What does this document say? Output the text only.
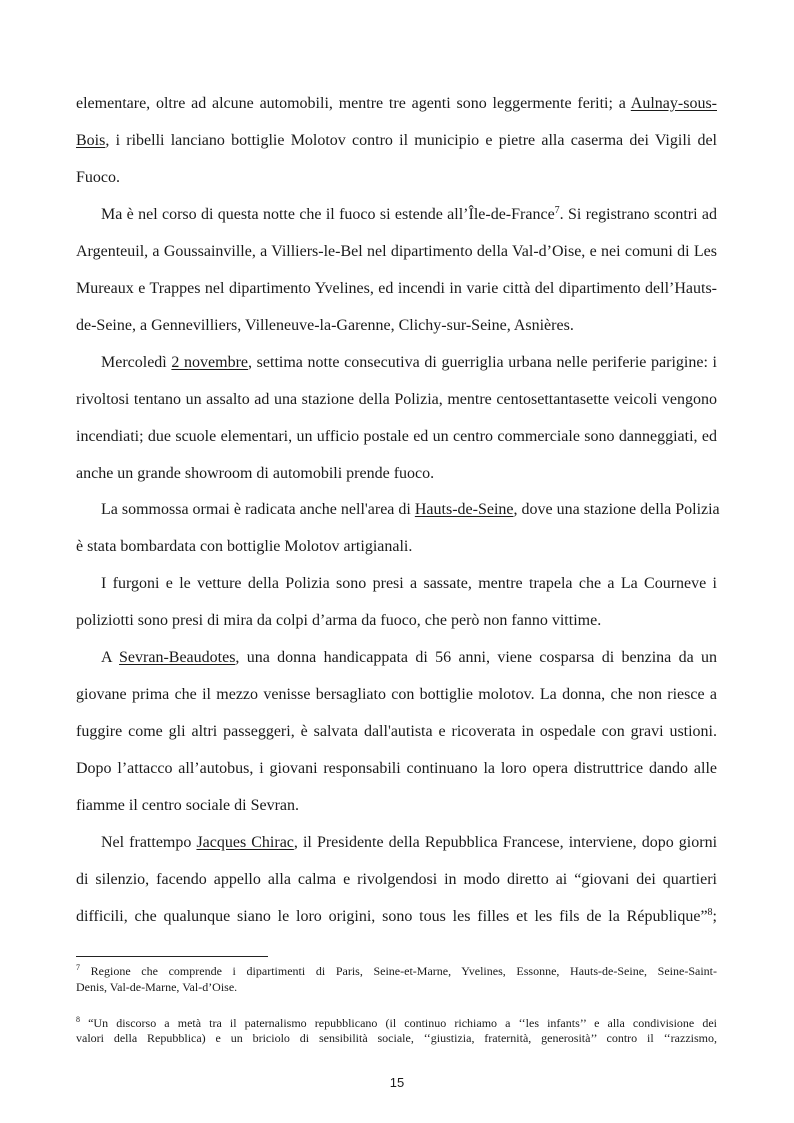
elementare, oltre ad alcune automobili, mentre tre agenti sono leggermente feriti; a Aulnay-sous-
Bois, i ribelli lanciano bottiglie Molotov contro il municipio e pietre alla caserma dei Vigili del
Fuoco.
Ma è nel corso di questa notte che il fuoco si estende all’Île-de-France$^7$. Si registrano scontri ad
Argenteuil, a Goussainville, a Villiers-le-Bel nel dipartimento della Val-d’Oise, e nei comuni di Les
Mureaux e Trappes nel dipartimento Yvelines, ed incendi in varie città del dipartimento dell’Hauts-
de-Seine, a Gennevilliers, Villeneuve-la-Garenne, Clichy-sur-Seine, Asnières.
Mercoledì 2 novembre, settima notte consecutiva di guerriglia urbana nelle periferie parigine: i
rivoltosi tentano un assalto ad una stazione della Polizia, mentre centosettantasette veicoli vengono
incendiati; due scuole elementari, un ufficio postale ed un centro commerciale sono danneggiati, ed
anche un grande showroom di automobili prende fuoco.
La sommossa ormai è radicata anche nell'area di Hauts-de-Seine, dove una stazione della Polizia
è stata bombardata con bottiglie Molotov artigianali.
I furgoni e le vetture della Polizia sono presi a sassate, mentre trapela che a La Courneve i
poliziotti sono presi di mira da colpi d’arma da fuoco, che però non fanno vittime.
A Sevran-Beaudotes, una donna handicappata di 56 anni, viene cosparsa di benzina da un
giovane prima che il mezzo venisse bersagliato con bottiglie molotov. La donna, che non riesce a
fuggire come gli altri passeggeri, è salvata dall'autista e ricoverata in ospedale con gravi ustioni.
Dopo l’attacco all’autobus, i giovani responsabili continuano la loro opera distruttrice dando alle
fiamme il centro sociale di Sevran.
Nel frattempo Jacques Chirac, il Presidente della Repubblica Francese, interviene, dopo giorni
di silenzio, facendo appello alla calma e rivolgendosi in modo diretto ai “giovani dei quartieri
difficili, che qualunque siano le loro origini, sono tous les filles et les fils de la République”$^8$;
$^7$ Regione che comprende i dipartimenti di Paris, Seine-et-Marne, Yvelines, Essonne, Hauts-de-Seine, Seine-Saint-
Denis, Val-de-Marne, Val-d’Oise.
$^8$ “Un discorso a metà tra il paternalismo repubblicano (il continuo richiamo a ‘‘les infants’’ e alla condivisione dei
valori della Repubblica) e un briciolo di sensibilità sociale, ‘‘giustizia, fraternità, generosità’’ contro il ‘‘razzismo,
15
